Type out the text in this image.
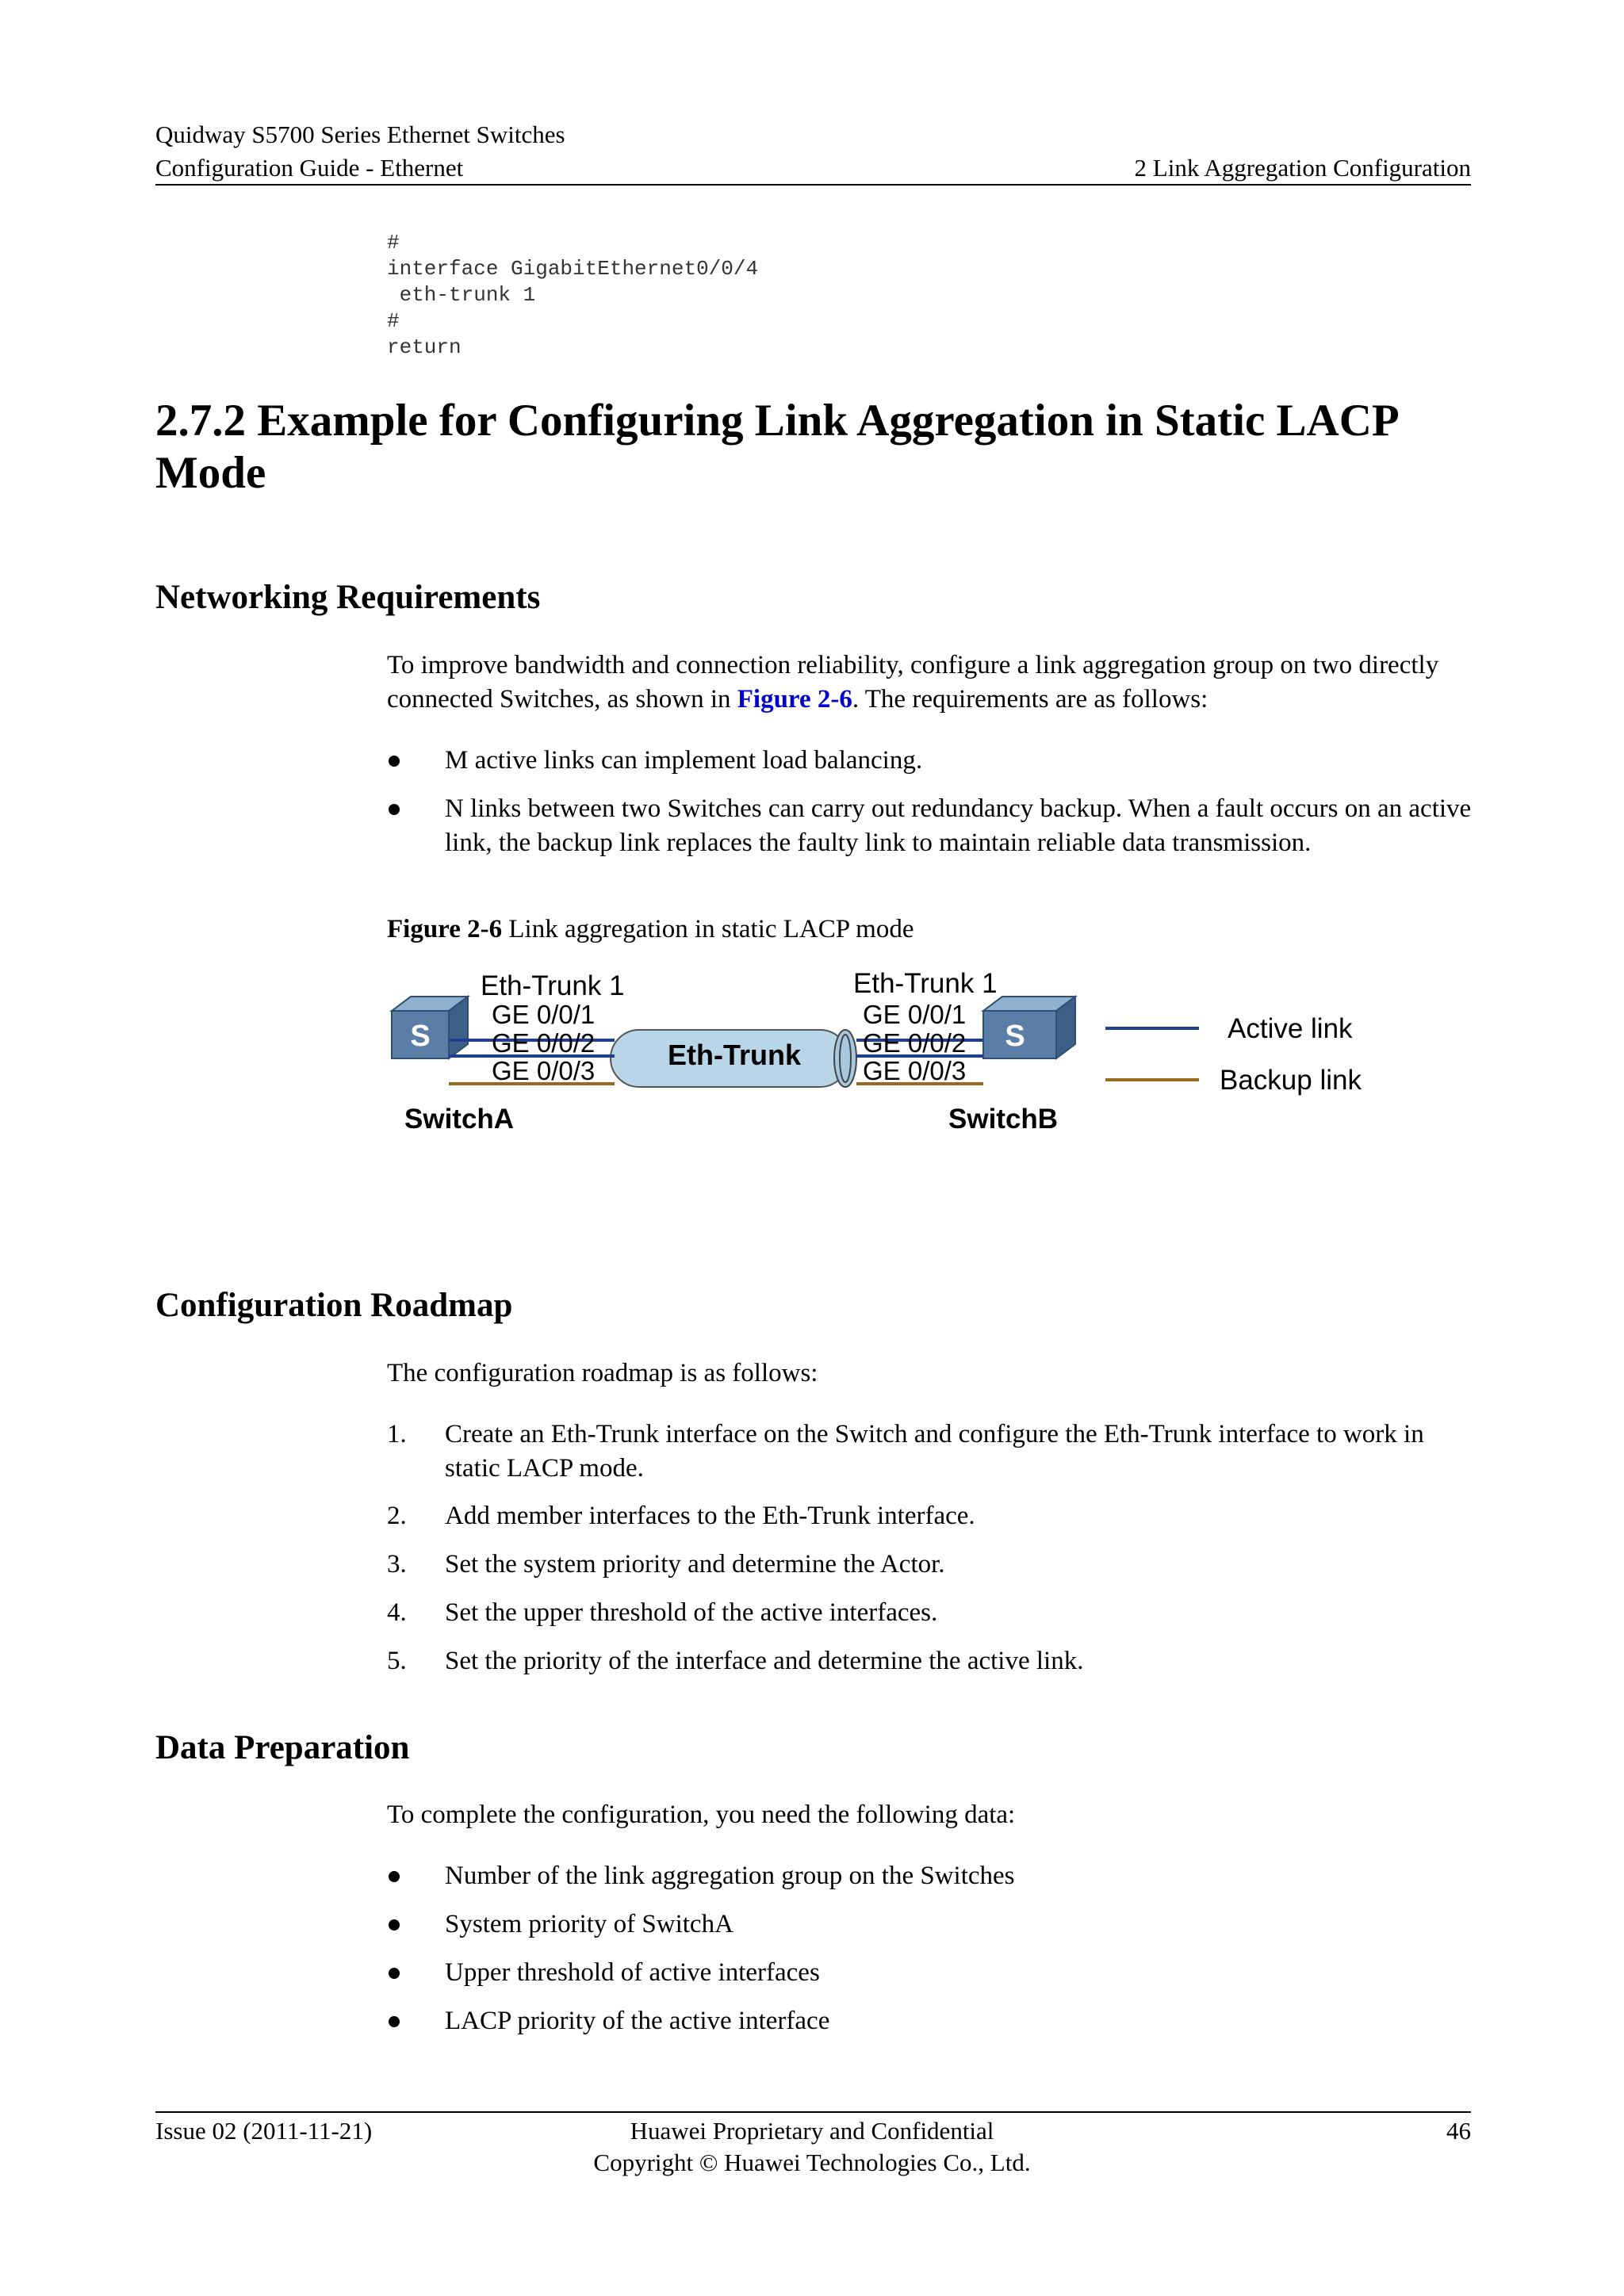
Quidway S5700 Series Ethernet Switches
Configuration Guide - Ethernet	2 Link Aggregation Configuration
#
interface GigabitEthernet0/0/4
eth-trunk 1
#
return
2.7.2 Example for Configuring Link Aggregation in Static LACP
Mode
Networking Requirements
To improve bandwidth and connection reliability, configure a link aggregation group on two directly connected Switches, as shown in Figure 2-6. The requirements are as follows:
M active links can implement load balancing.
N links between two Switches can carry out redundancy backup. When a fault occurs on an active link, the backup link replaces the faulty link to maintain reliable data transmission.
Figure 2-6 Link aggregation in static LACP mode
S	S
Eth-Trunk 1
GE 0/0/1
GE 0/0/2
GE 0/0/3
Eth-Trunk 1
GE 0/0/1
GE 0/0/2
GE 0/0/3
Eth-Trunk
SwitchA	SwitchB
Active link
Backup link
Configuration Roadmap
The configuration roadmap is as follows:
1. Create an Eth-Trunk interface on the Switch and configure the Eth-Trunk interface to work in static LACP mode.
2. Add member interfaces to the Eth-Trunk interface.
3. Set the system priority and determine the Actor.
4. Set the upper threshold of the active interfaces.
5. Set the priority of the interface and determine the active link.
Data Preparation
To complete the configuration, you need the following data:
Number of the link aggregation group on the Switches
System priority of SwitchA
Upper threshold of active interfaces
LACP priority of the active interface
Issue 02 (2011-11-21)	Huawei Proprietary and Confidential
Copyright © Huawei Technologies Co., Ltd.
46
